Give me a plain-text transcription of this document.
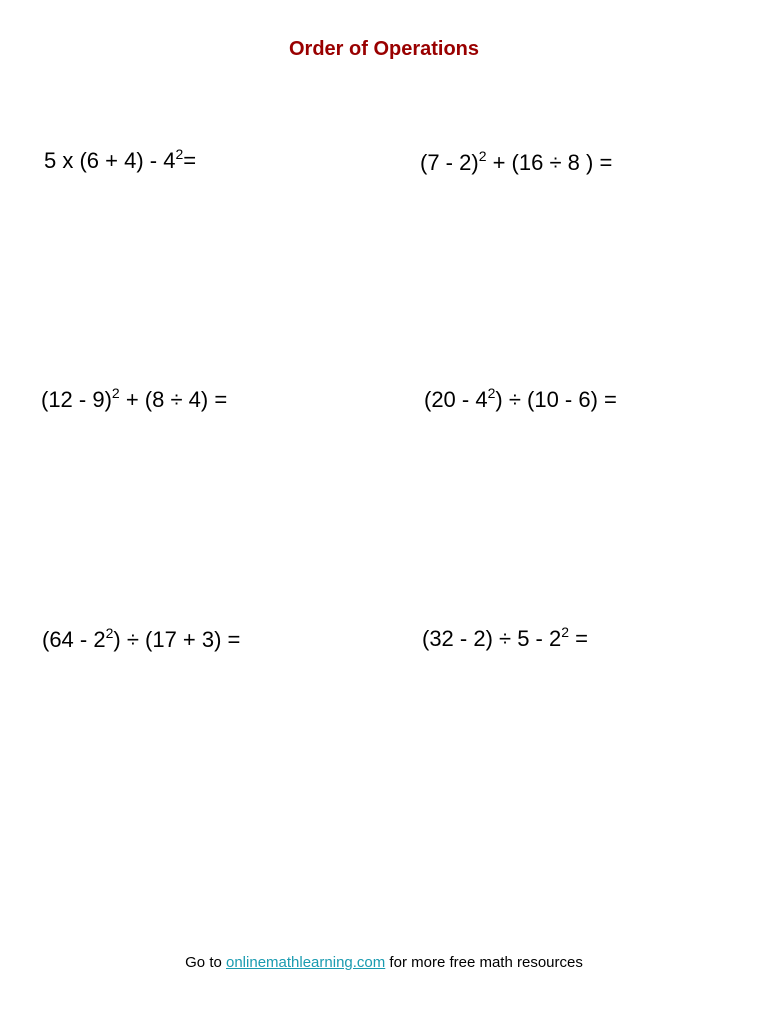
Order of Operations
5 x $(6 + 4) - 4^2=$	(7 - 2)$^2$ + (16 ÷ 8 ) =
(12 - 9)$^2$ + (8 ÷ 4) =	$(20 - 4^2) \div (10 - 6)$ =
$(64 - 2^2) \div (17 + 3)$ =	$(32 - 2) \div 5 - 2^2$ =
Go to onlinemathlearning.com for more free math resources
